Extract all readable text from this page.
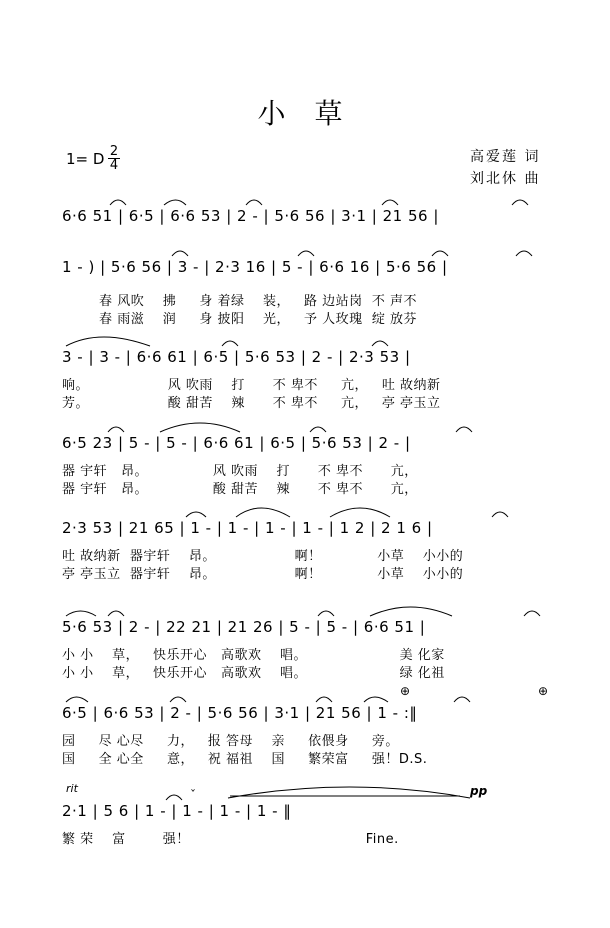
小 草
1= D 2
4
高爱莲 词
刘北休 曲
6·6 51 | 6·5 | 6·6 53 | 2 - | 5·6 56 | 3·1 | 21 56 |
1 - ) | 5·6 56 | 3 - | 2·3 16 | 5 - | 6·6 16 | 5·6 56 |
春 风吹    拂     身 着绿    装，   路 边站岗  不 声不
春 雨滋    润     身 披阳    光，   予 人玫瑰  绽 放芬
3 - | 3 - | 6·6 61 | 6·5 | 5·6 53 | 2 - | 2·3 53 |
响。                 风 吹雨    打      不 卑不     亢，   吐 故纳新
芳。                 酸 甜苦    辣      不 卑不     亢，   亭 亭玉立
6·5 23 | 5 - | 5 - | 6·6 61 | 6·5 | 5·6 53 | 2 - |
器 宇轩   昂。              风 吹雨    打      不 卑不      亢，
器 宇轩   昂。              酸 甜苦    辣      不 卑不      亢，
2·3 53 | 21 65 | 1 - | 1 - | 1 - | 1 - | 1 2 | 2 1 6 |
吐 故纳新  器宇轩    昂。                 啊！            小草    小小的
亭 亭玉立  器宇轩    昂。                 啊！            小草    小小的
5·6 53 | 2 - | 22 21 | 21 26 | 5 - | 5 - | 6·6 51 |
小 小    草，   快乐开心   高歌欢    唱。                    美 化家
小 小    草，   快乐开心   高歌欢    唱。                    绿 化祖
⊕	⊕
6·5 | 6·6 53 | 2 - | 5·6 56 | 3·1 | 21 56 | 1 - :‖
园     尽 心尽     力，   报 答母    亲     依偎身     旁。
国     全 心全     意，   祝 福祖    国     繁荣富     强！D.S.
rit	pp
ˇ
2·1 | 5 6 | 1 - | 1 - | 1 - | 1 - ‖
繁 荣    富        强！                                      Fine.
